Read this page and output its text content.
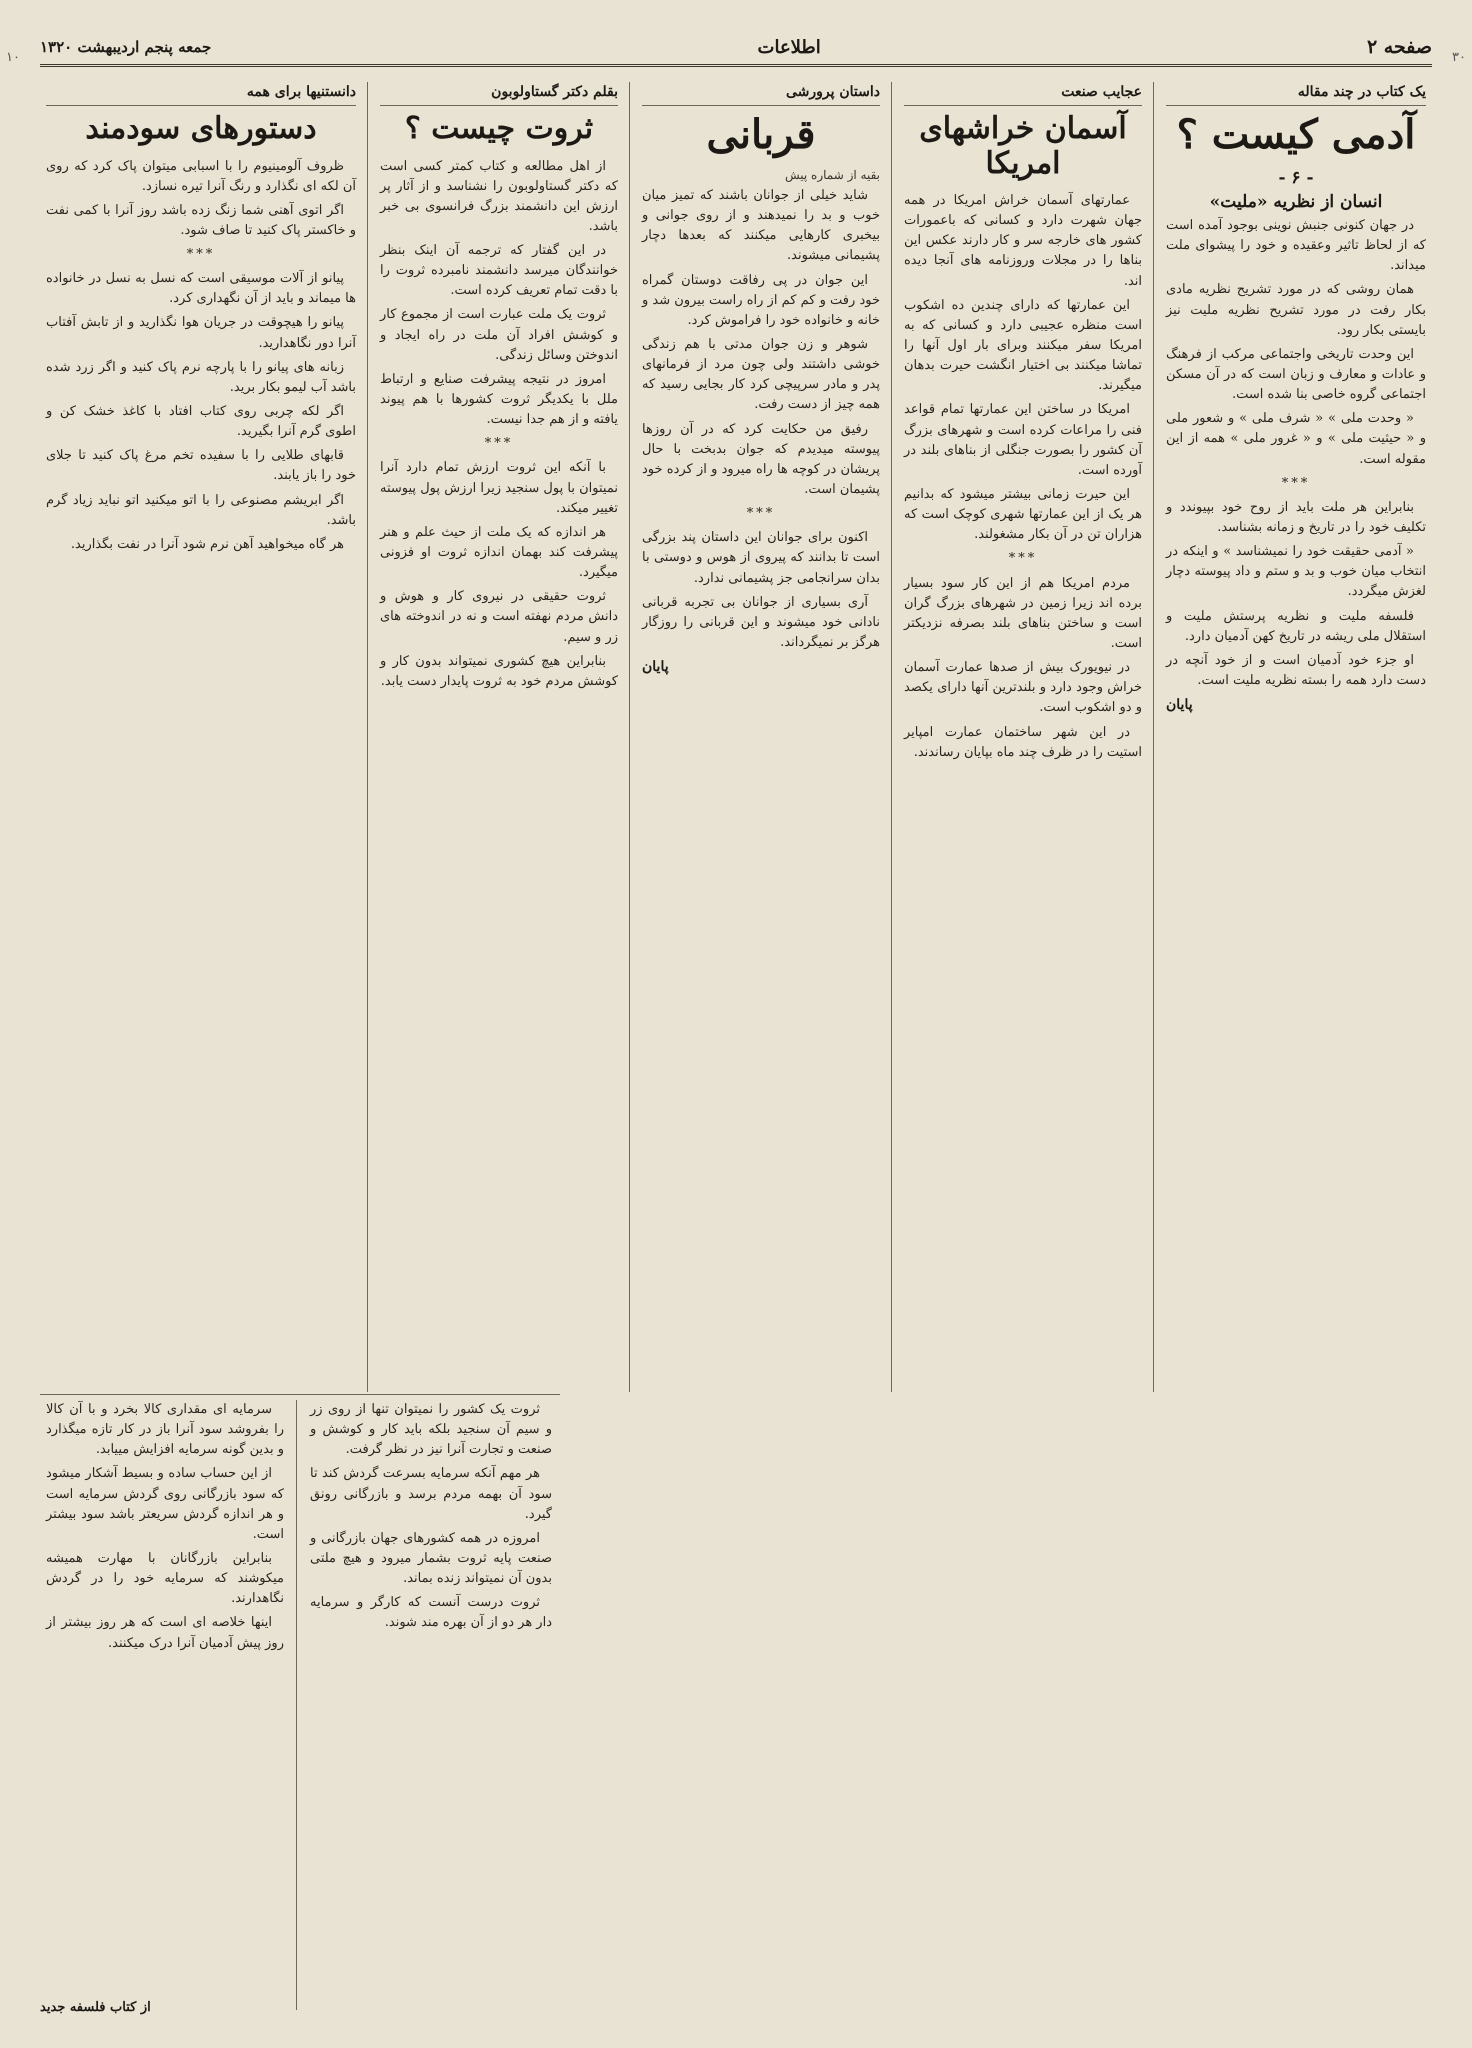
۱۰	۳۰
صفحه ۲
اطلاعات
جمعه پنجم اردیبهشت ۱۳۲۰
یک کتاب در چند مقاله
آدمی کیست ؟
- ۶ -
انسان از نظریه «ملیت»

در جهان کنونی جنبش نوینی بوجود آمده است که از لحاظ تاثیر وعقیده و خود را پیشوای ملت میداند.

همان روشی که در مورد تشریح نظریه مادی بکار رفت در مورد تشریح نظریه ملیت نیز بایستی بکار رود.

این وحدت تاریخی واجتماعی مرکب از فرهنگ و عادات و معارف و زبان است که در آن مسکن اجتماعی گروه خاصی بنا شده است.

« وحدت ملی » « شرف ملی » و شعور ملی و « حیثیت ملی » و « غرور ملی » همه از این مقوله است.

***

بنابراین هر ملت باید از روح خود بپیوندد و تکلیف خود را در تاریخ و زمانه بشناسد.

« آدمی حقیقت خود را نمیشناسد » و اینکه در انتخاب میان خوب و بد و ستم و داد پیوسته دچار لغزش میگردد.

فلسفه ملیت و نظریه پرستش ملیت و استقلال ملی ریشه در تاریخ کهن آدمیان دارد.

او جزء خود آدمیان است و از خود آنچه در دست دارد همه را بسته نظریه ملیت است.

پایان
عجایب صنعت
آسمان خراشهای امریکا

عمارتهای آسمان خراش امریکا در همه جهان شهرت دارد و کسانی که باعمورات کشور های خارجه سر و کار دارند عکس این بناها را در مجلات وروزنامه های آنجا دیده اند.

این عمارتها که دارای چندین ده اشکوب است منظره عجیبی دارد و کسانی که به امریکا سفر میکنند وبرای بار اول آنها را تماشا میکنند بی اختیار انگشت حیرت بدهان میگیرند.

امریکا در ساختن این عمارتها تمام قواعد فنی را مراعات کرده است و شهرهای بزرگ آن کشور را بصورت جنگلی از بناهای بلند در آورده است.

این حیرت زمانی بیشتر میشود که بدانیم هر یک از این عمارتها شهری کوچک است که هزاران تن در آن بکار مشغولند.

***

مردم امریکا هم از این کار سود بسیار برده اند زیرا زمین در شهرهای بزرگ گران است و ساختن بناهای بلند بصرفه نزدیکتر است.

در نیویورک بیش از صدها عمارت آسمان خراش وجود دارد و بلندترین آنها دارای یکصد و دو اشکوب است.

در این شهر ساختمان عمارت امپایر استیت را در ظرف چند ماه بپایان رساندند.

داستان پرورشی
قربانی
بقیه از شماره پیش

شاید خیلی از جوانان باشند که تمیز میان خوب و بد را نمیدهند و از روی جوانی و بیخبری کارهایی میکنند که بعدها دچار پشیمانی میشوند.

این جوان در پی رفاقت دوستان گمراه خود رفت و کم کم از راه راست بیرون شد و خانه و خانواده خود را فراموش کرد.

شوهر و زن جوان مدتی با هم زندگی خوشی داشتند ولی چون مرد از فرمانهای پدر و مادر سرپیچی کرد کار بجایی رسید که همه چیز از دست رفت.

رفیق من حکایت کرد که در آن روزها پیوسته میدیدم که جوان بدبخت با حال پریشان در کوچه ها راه میرود و از کرده خود پشیمان است.

***

اکنون برای جوانان این داستان پند بزرگی است تا بدانند که پیروی از هوس و دوستی با بدان سرانجامی جز پشیمانی ندارد.

آری بسیاری از جوانان بی تجربه قربانی نادانی خود میشوند و این قربانی را روزگار هرگز بر نمیگرداند.

پایان
بقلم دکتر گستاولوبون
ثروت چیست ؟

از اهل مطالعه و کتاب کمتر کسی است که دکتر گستاولوبون را نشناسد و از آثار پر ارزش این دانشمند بزرگ فرانسوی بی خبر باشد.

در این گفتار که ترجمه آن اینک بنظر خوانندگان میرسد دانشمند نامبرده ثروت را با دقت تمام تعریف کرده است.

ثروت یک ملت عبارت است از مجموع کار و کوشش افراد آن ملت در راه ایجاد و اندوختن وسائل زندگی.

امروز در نتیجه پیشرفت صنایع و ارتباط ملل با یکدیگر ثروت کشورها با هم پیوند یافته و از هم جدا نیست.

***

با آنکه این ثروت ارزش تمام دارد آنرا نمیتوان با پول سنجید زیرا ارزش پول پیوسته تغییر میکند.

هر اندازه که یک ملت از حیث علم و هنر پیشرفت کند بهمان اندازه ثروت او فزونی میگیرد.

ثروت حقیقی در نیروی کار و هوش و دانش مردم نهفته است و نه در اندوخته های زر و سیم.

بنابراین هیچ کشوری نمیتواند بدون کار و کوشش مردم خود به ثروت پایدار دست یابد.

دانستنیها برای همه
دستورهای سودمند

ظروف آلومینیوم را با اسبابی میتوان پاک کرد که روی آن لکه ای نگذارد و رنگ آنرا تیره نسازد.

اگر اتوی آهنی شما زنگ زده باشد روز آنرا با کمی نفت و خاکستر پاک کنید تا صاف شود.

***

پیانو از آلات موسیقی است که نسل به نسل در خانواده ها میماند و باید از آن نگهداری کرد.

پیانو را هیچوقت در جریان هوا نگذارید و از تابش آفتاب آنرا دور نگاهدارید.

زبانه های پیانو را با پارچه نرم پاک کنید و اگر زرد شده باشد آب لیمو بکار برید.

اگر لکه چربی روی کتاب افتاد با کاغذ خشک کن و اطوی گرم آنرا بگیرید.

قابهای طلایی را با سفیده تخم مرغ پاک کنید تا جلای خود را باز یابند.

اگر ابریشم مصنوعی را با اتو میکنید اتو نباید زیاد گرم باشد.

هر گاه میخواهید آهن نرم شود آنرا در نفت بگذارید.

ثروت یک کشور را نمیتوان تنها از روی زر و سیم آن سنجید بلکه باید کار و کوشش و صنعت و تجارت آنرا نیز در نظر گرفت.

هر مهم آنکه سرمایه بسرعت گردش کند تا سود آن بهمه مردم برسد و بازرگانی رونق گیرد.

امروزه در همه کشورهای جهان بازرگانی و صنعت پایه ثروت بشمار میرود و هیچ ملتی بدون آن نمیتواند زنده بماند.

ثروت درست آنست که کارگر و سرمایه دار هر دو از آن بهره مند شوند.

سرمایه ای مقداری کالا بخرد و با آن کالا را بفروشد سود آنرا باز در کار تازه میگذارد و بدین گونه سرمایه افزایش مییابد.

از این حساب ساده و بسیط آشکار میشود که سود بازرگانی روی گردش سرمایه است و هر اندازه گردش سریعتر باشد سود بیشتر است.

بنابراین بازرگانان با مهارت همیشه میکوشند که سرمایه خود را در گردش نگاهدارند.

اینها خلاصه ای است که هر روز بیشتر از روز پیش آدمیان آنرا درک میکنند.

از کتاب فلسفه جدید
